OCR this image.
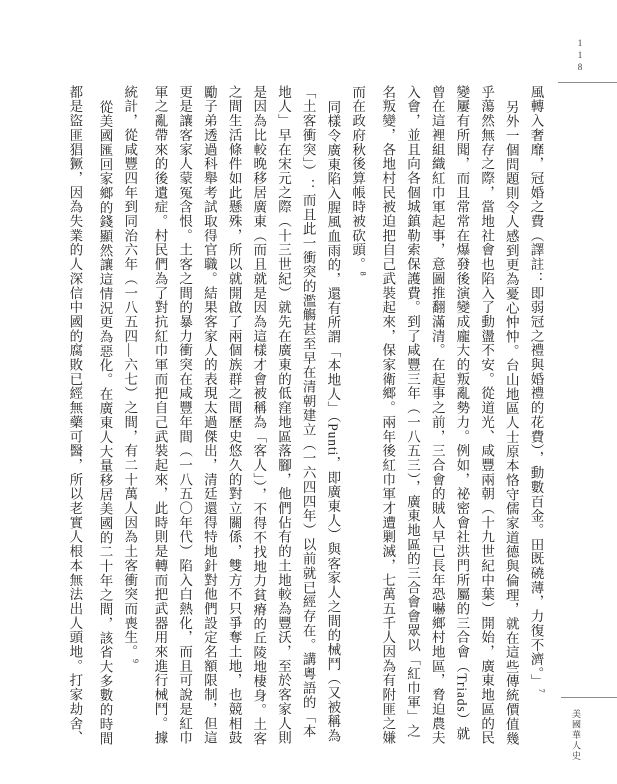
118

風轉入奢靡，冠婚之費（譯註：即弱冠之禮與婚禮的花費），動數百金。田既磽薄，力復不濟。」$^7$

另外一個問題則令人感到更為憂心忡忡。台山地區人士原本恪守儒家道德與倫理，就在這些傳統價值幾乎蕩然無存之際，當地社會也陷入了動盪不安。從道光、咸豐兩朝（十九世紀中葉）開始，廣東地區的民變屢有所聞，而且常常在爆發後演變成龐大的叛亂勢力。例如，祕密會社洪門所屬的三合會（Triads）就曾在這裡組織紅巾軍起事，意圖推翻滿清。在起事之前，三合會的賊人早已長年恐嚇鄉村地區，脅迫農夫入會，並且向各個城鎮勒索保護費。到了咸豐三年（一八五三），廣東地區的三合會會眾以「紅巾軍」之名叛變，各地村民被迫把自己武裝起來，保家衛鄉。兩年後紅巾軍才遭剿滅，七萬五千人因為有附匪之嫌而在政府秋後算帳時被砍頭。$^8$

同樣令廣東陷入腥風血雨的，還有所謂「本地人」（Punti，即廣東人）與客家人之間的械鬥（又被稱為「土客衝突」）：而且此一衝突的濫觴甚至早在清朝建立（一六四四年）以前就已經存在。講粵語的「本地人」早在宋元之際（十三世紀）就先在廣東的低窪地區落腳，他們佔有的土地較為豐沃，至於客家人則是因為比較晚移居廣東（而且就是因為這樣才會被稱為「客人」），不得不找地力貧瘠的丘陵地棲身。土客之間生活條件如此懸殊，所以就開啟了兩個族群之間歷史悠久的對立關係，雙方不只爭奪土地，也競相鼓勵子弟透過科舉考試取得官職。結果客家人的表現太過傑出，清廷還得特地針對他們設定名額限制，但這更是讓客家人蒙冤含恨。土客之間的暴力衝突在咸豐年間（一八五〇年代）陷入白熱化，而且可說是紅巾軍之亂帶來的後遺症。村民們為了對抗紅巾軍而把自己武裝起來，此時則是轉而把武器用來進行械鬥。據統計，從咸豐四年到同治六年（一八五四—六七）之間，有二十萬人因為土客衝突而喪生。$^9$

從美國匯回家鄉的錢顯然讓這情況更為惡化。在廣東人大量移居美國的二十年之間，該省大多數的時間都是盜匪猖獗，因為失業的人深信中國的腐敗已經無藥可醫，所以老實人根本無法出人頭地。打家劫舍、	美國華人史
